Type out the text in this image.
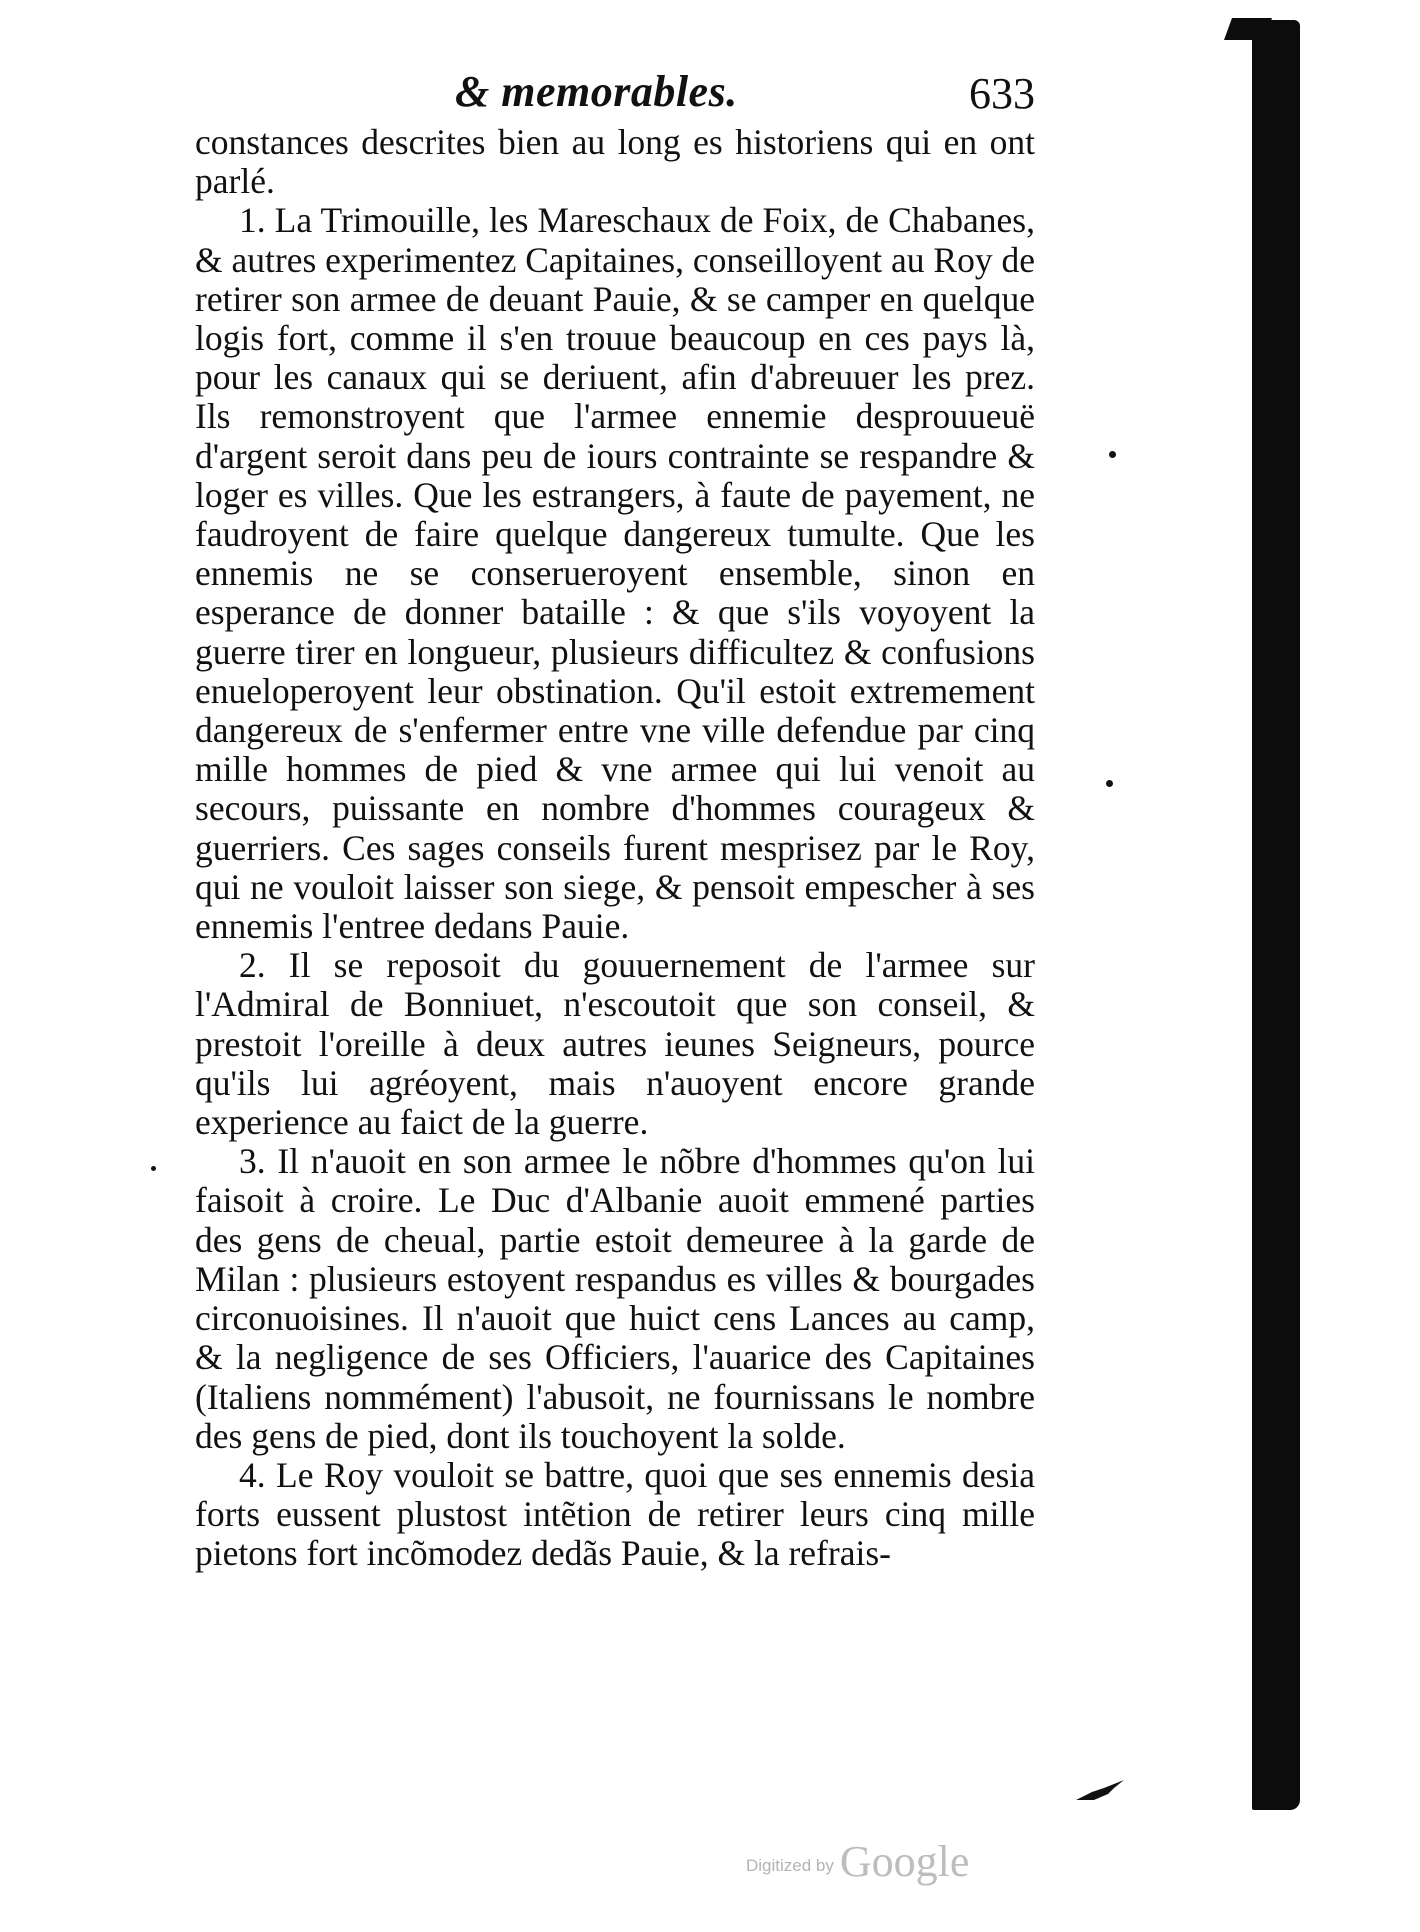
& memorables.	633

constances descrites bien au long es historiens qui en ont parlé.

1. La Trimouille, les Mareschaux de Foix, de Chabanes, & autres experimentez Capitaines, conseilloyent au Roy de retirer son armee de deuant Pauie, & se camper en quelque logis fort, comme il s'en trouue beaucoup en ces pays là, pour les canaux qui se deriuent, afin d'abreuuer les prez. Ils remonstroyent que l'armee ennemie desprouueuë d'argent seroit dans peu de iours contrainte se respandre & loger es villes. Que les estrangers, à faute de payement, ne faudroyent de faire quelque dangereux tumulte. Que les ennemis ne se conserueroyent ensemble, sinon en esperance de donner bataille : & que s'ils voyoyent la guerre tirer en longueur, plusieurs difficultez & confusions enueloperoyent leur obstination. Qu'il estoit extremement dangereux de s'enfermer entre vne ville defendue par cinq mille hommes de pied & vne armee qui lui venoit au secours, puissante en nombre d'hommes courageux & guerriers. Ces sages conseils furent mesprisez par le Roy, qui ne vouloit laisser son siege, & pensoit empescher à ses ennemis l'entree dedans Pauie.

2. Il se reposoit du gouuernement de l'armee sur l'Admiral de Bonniuet, n'escoutoit que son conseil, & prestoit l'oreille à deux autres ieunes Seigneurs, pource qu'ils lui agréoyent, mais n'auoyent encore grande experience au faict de la guerre.

3. Il n'auoit en son armee le nõbre d'hommes qu'on lui faisoit à croire. Le Duc d'Albanie auoit emmené parties des gens de cheual, partie estoit demeuree à la garde de Milan : plusieurs estoyent respandus es villes & bourgades circonuoisines. Il n'auoit que huict cens Lances au camp, & la negligence de ses Officiers, l'auarice des Capitaines (Italiens nommément) l'abusoit, ne fournissans le nombre des gens de pied, dont ils touchoyent la solde.

4. Le Roy vouloit se battre, quoi que ses ennemis desia forts eussent plustost intẽtion de retirer leurs cinq mille pietons fort incõmodez dedãs Pauie, & la refrais-

Digitized by Google
